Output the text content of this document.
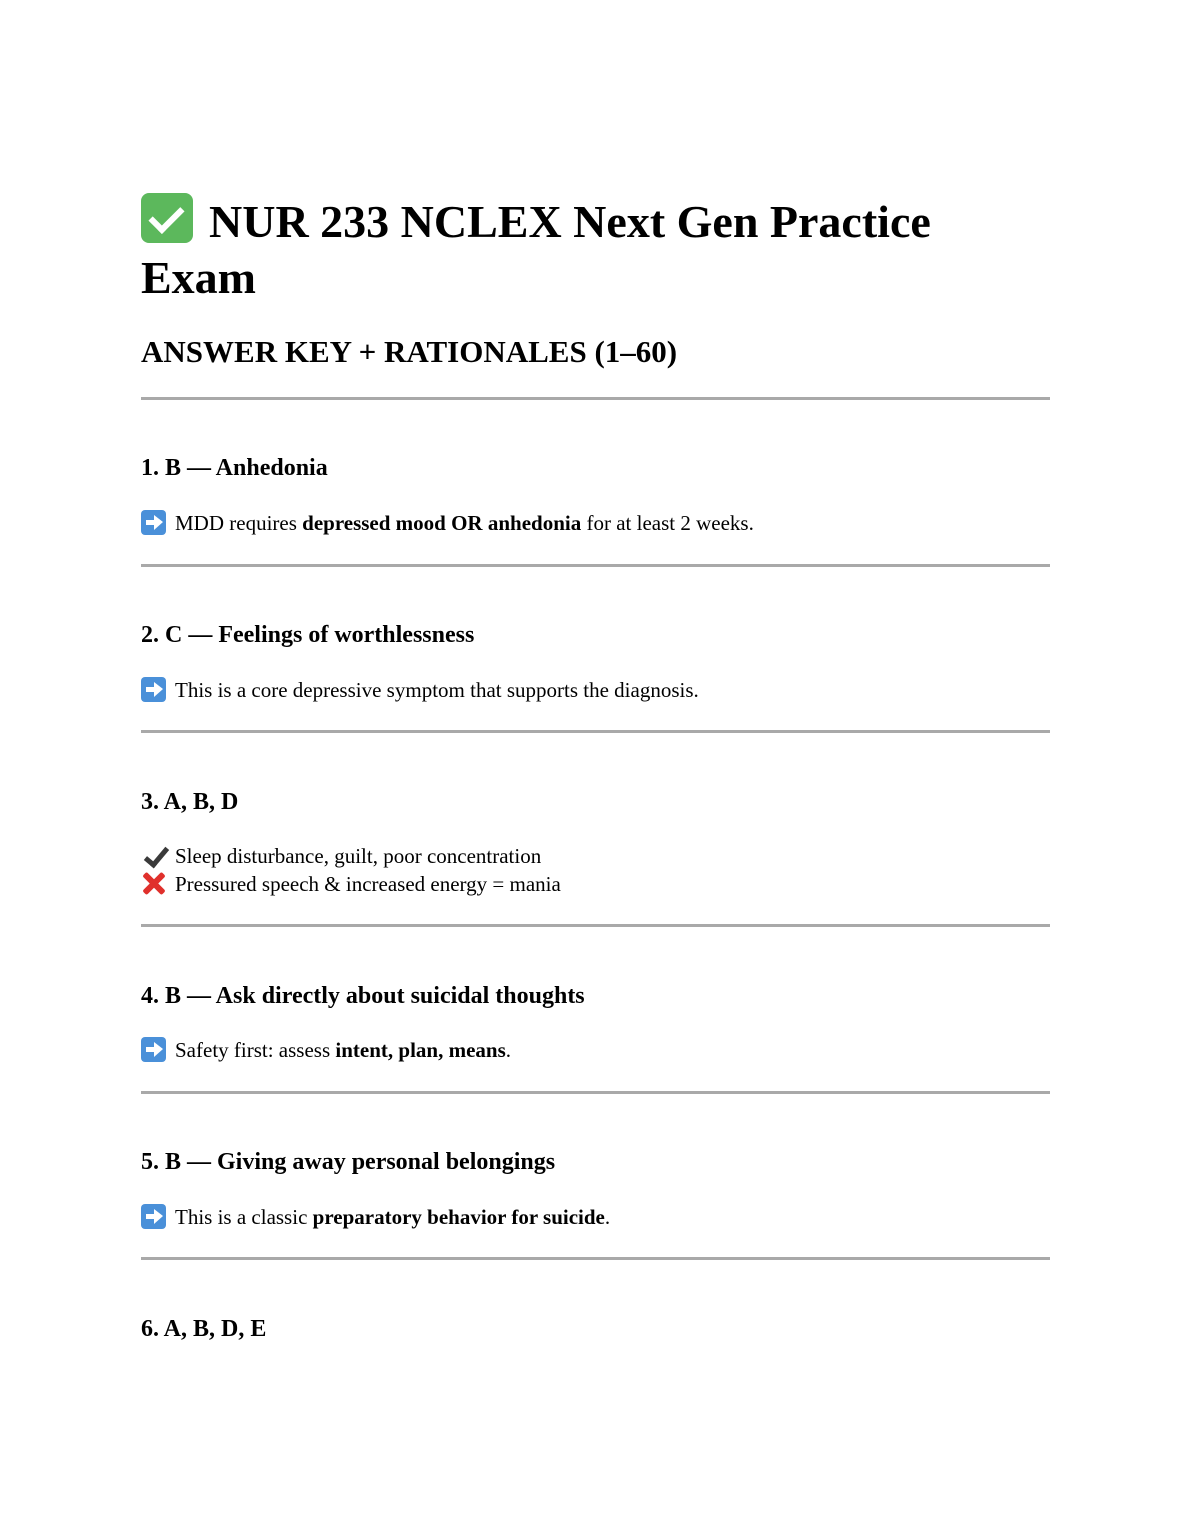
NUR 233 NCLEX Next Gen Practice Exam
ANSWER KEY + RATIONALES (1–60)
1. B — Anhedonia
MDD requires depressed mood OR anhedonia for at least 2 weeks.
2. C — Feelings of worthlessness
This is a core depressive symptom that supports the diagnosis.
3. A, B, D
Sleep disturbance, guilt, poor concentration
Pressured speech & increased energy = mania
4. B — Ask directly about suicidal thoughts
Safety first: assess intent, plan, means.
5. B — Giving away personal belongings
This is a classic preparatory behavior for suicide.
6. A, B, D, E
